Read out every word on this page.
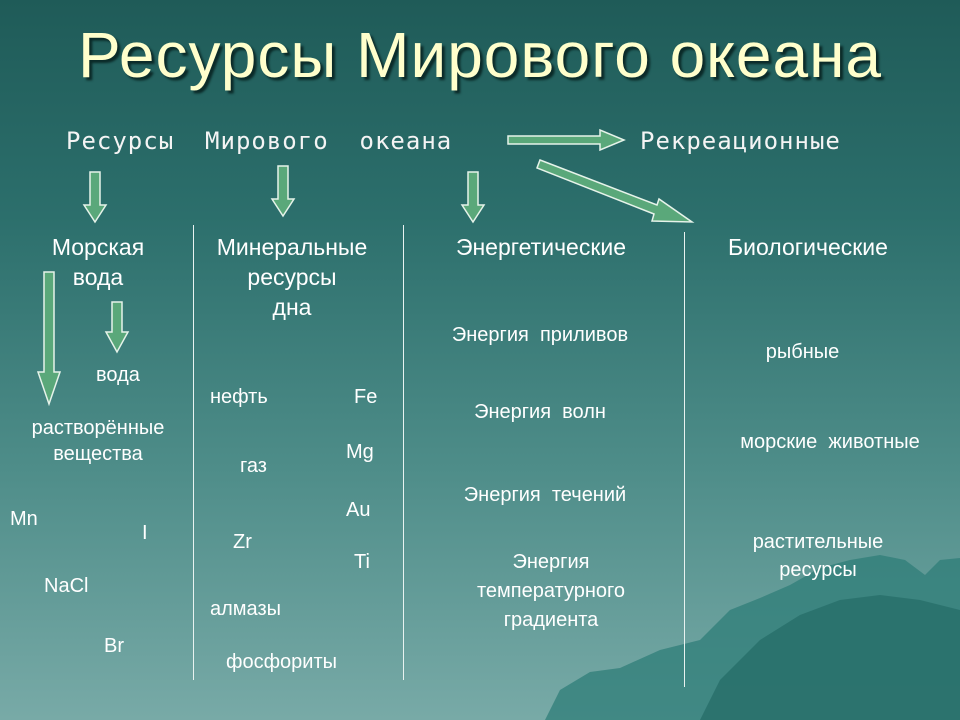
Ресурсы Мирового океана
Ресурсы  Мирового  океана	Рекреационные
Морская
вода
вода
растворённые
вещества
Mn
I
NaCl
Br
Минеральные
ресурсы
дна
нефть	Fe
газ
Mg
Au
Zr
Ti
алмазы
фосфориты
Энергетические
Энергия  приливов
Энергия  волн
Энергия  течений
Энергия
температурного
градиента
Биологические
рыбные
морские  животные
растительные
ресурсы
